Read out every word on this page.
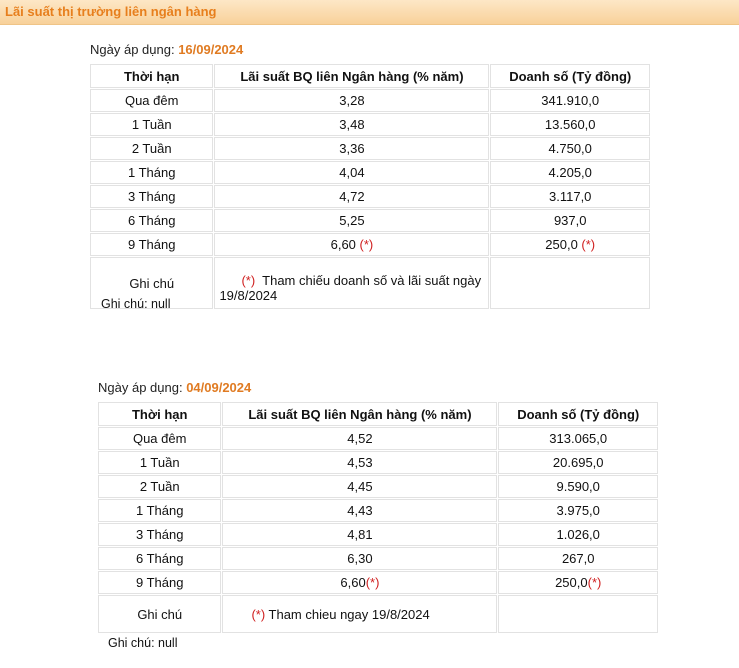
Lãi suất thị trường liên ngân hàng
Ngày áp dụng: 16/09/2024
Thời hạn	Lãi suất BQ liên Ngân hàng (% năm)	Doanh số (Tỷ đồng)
Qua đêm	3,28	341.910,0
1 Tuần	3,48	13.560,0
2 Tuần	3,36	4.750,0
1 Tháng	4,04	4.205,0
3 Tháng	4,72	3.117,0
6 Tháng	5,25	937,0
9 Tháng	6,60 (*)	250,0 (*)
Ghi chú	(*)  Tham chiếu doanh số và lãi suất ngày 19/8/2024	
Ghi chú: null
Ngày áp dụng: 04/09/2024
Thời hạn	Lãi suất BQ liên Ngân hàng (% năm)	Doanh số (Tỷ đồng)
Qua đêm	4,52	313.065,0
1 Tuần	4,53	20.695,0
2 Tuần	4,45	9.590,0
1 Tháng	4,43	3.975,0
3 Tháng	4,81	1.026,0
6 Tháng	6,30	267,0
9 Tháng	6,60(*)	250,0(*)
Ghi chú	(*) Tham chieu ngay 19/8/2024	
Ghi chú: null
